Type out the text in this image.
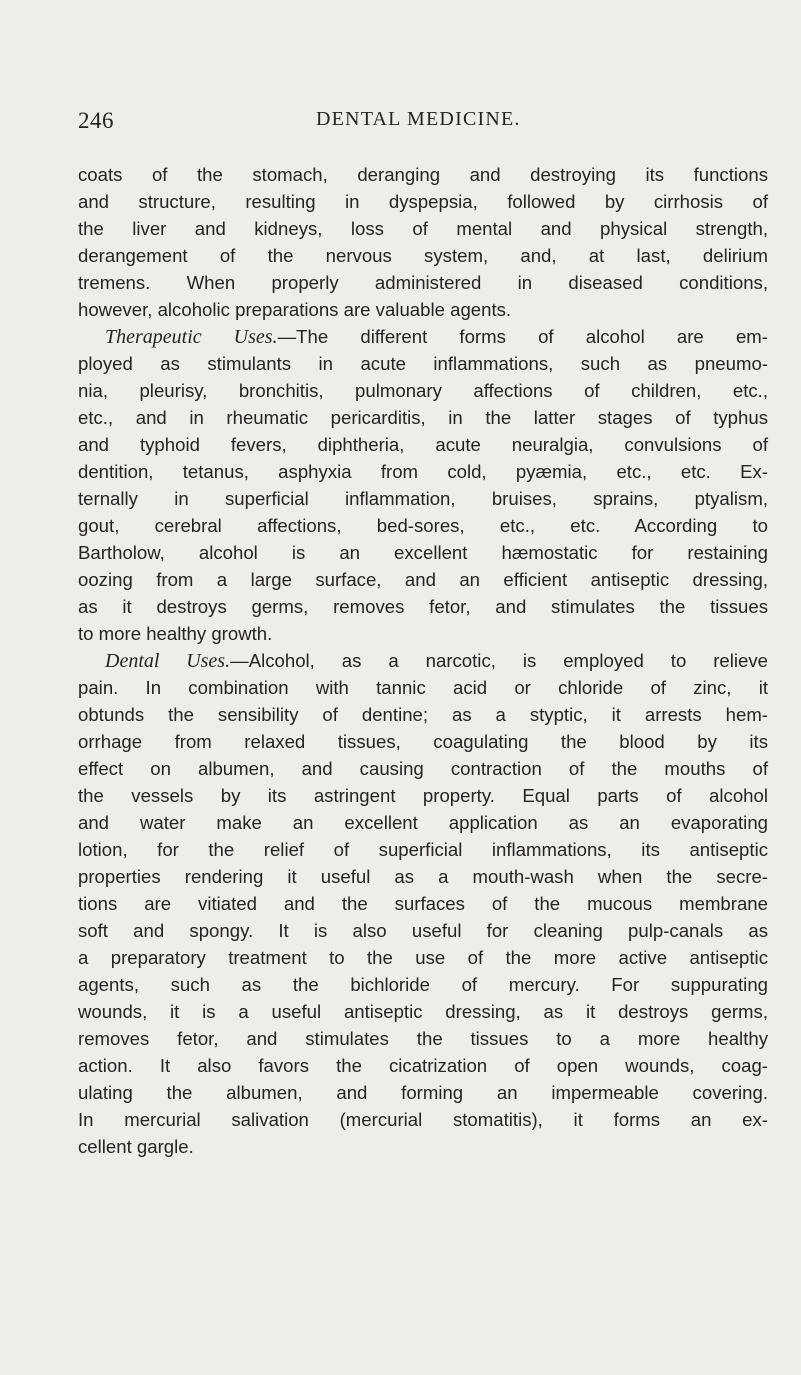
246	DENTAL MEDICINE.
coats of the stomach, deranging and destroying its functions
and structure, resulting in dyspepsia, followed by cirrhosis of
the liver and kidneys, loss of mental and physical strength,
derangement of the nervous system, and, at last, delirium
tremens. When properly administered in diseased conditions,
however, alcoholic preparations are valuable agents.
Therapeutic Uses.—The different forms of alcohol are em-
ployed as stimulants in acute inflammations, such as pneumo-
nia, pleurisy, bronchitis, pulmonary affections of children, etc.,
etc., and in rheumatic pericarditis, in the latter stages of typhus
and typhoid fevers, diphtheria, acute neuralgia, convulsions of
dentition, tetanus, asphyxia from cold, pyæmia, etc., etc. Ex-
ternally in superficial inflammation, bruises, sprains, ptyalism,
gout, cerebral affections, bed-sores, etc., etc. According to
Bartholow, alcohol is an excellent hæmostatic for restaining
oozing from a large surface, and an efficient antiseptic dressing,
as it destroys germs, removes fetor, and stimulates the tissues
to more healthy growth.
Dental Uses.—Alcohol, as a narcotic, is employed to relieve
pain. In combination with tannic acid or chloride of zinc, it
obtunds the sensibility of dentine; as a styptic, it arrests hem-
orrhage from relaxed tissues, coagulating the blood by its
effect on albumen, and causing contraction of the mouths of
the vessels by its astringent property. Equal parts of alcohol
and water make an excellent application as an evaporating
lotion, for the relief of superficial inflammations, its antiseptic
properties rendering it useful as a mouth-wash when the secre-
tions are vitiated and the surfaces of the mucous membrane
soft and spongy. It is also useful for cleaning pulp-canals as
a preparatory treatment to the use of the more active antiseptic
agents, such as the bichloride of mercury. For suppurating
wounds, it is a useful antiseptic dressing, as it destroys germs,
removes fetor, and stimulates the tissues to a more healthy
action. It also favors the cicatrization of open wounds, coag-
ulating the albumen, and forming an impermeable covering.
In mercurial salivation (mercurial stomatitis), it forms an ex-
cellent gargle.
